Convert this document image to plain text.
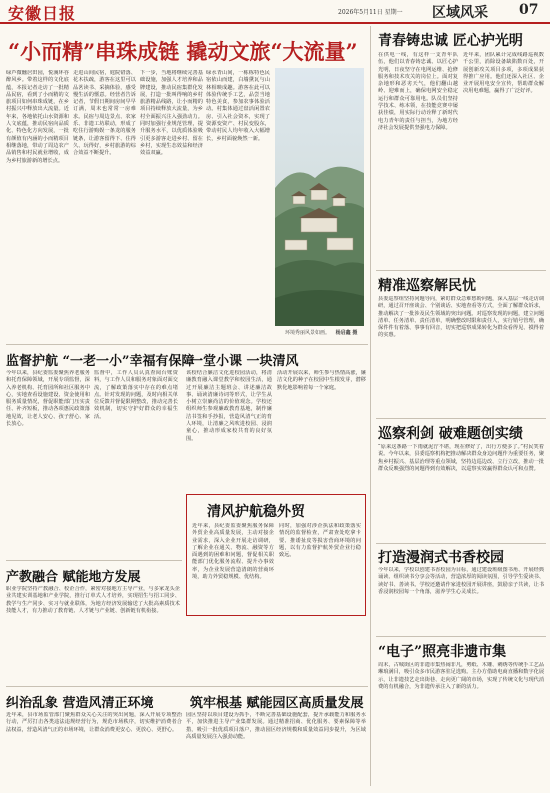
安徽日报	2026年5月11日 星期一 区域风采 07
“小而精”串珠成链 撬动文旅“大流量”
绿芦微醺居田园，悦溪环谷醉风乡。带着这样的文化底蕴，本报记者走访了一批精品民宿，看到了小而精的文旅项目如何串珠成链，在乡村振兴中释放出大流量。近年来，各地依托山水资源和人文底蕴，推动民宿向品质化、特色化方向发展，一批有颜值有内涵的小而精项目相继落地，带动了周边农产品销售和村民就业增收，成为乡村旅游新的增长点。
走进山间民宿，庭院错落、花木扶疏，游客在这里可以品茗读书、采摘体验，感受慢生活的惬意。经营者告诉记者，节假日期间房间早早订满，周末也常常一房难求。民宿与周边景点、农家乐、非遗工坊联动，形成了吃住行游购娱一条龙的服务链条，让游客留得下、住得久、玩得好，乡村旅游的综合效益不断提升。
下一步，当地将继续完善基础设施，加强人才培养和品牌建设，推动民宿集群化发展，打造一批叫得响的乡村旅游精品线路，让小而精的项目持续释放大流量，为乡村全面振兴注入强劲动力。同时加强行业规范管理，提升服务水平，以优质体验吸引更多游客走进乡村、留在乡村，实现生态效益和经济效益双赢。
绿水青山间，一栋栋特色民宿依山而建，白墙黛瓦与山林相映成趣。游客在此可以体验传统手工艺，品尝当地特色美食，参加农事体验活动。村集体通过盘活闲置农房、引入社会资本，实现了资源变资产、村民变股东，带动村民人均年收入大幅增长，乡村面貌焕然一新。
环境秀丽风景如画。 杨启鑫 摄
青春铸忠诚 匠心护光明
在供电一线，有这样一支青年队伍，他们以青春铸忠诚、以匠心护光明，日夜坚守在电网运维、抢修服务和技术攻关的岗位上。面对复杂地形和恶劣天气，他们翻山越岭、迎难而上，确保电网安全稳定运行和群众可靠用电。队员们坚持学技术、练本领，在技能竞赛中屡获佳绩，用实际行动诠释了新时代电力青年的责任与担当，为地方经济社会发展提供坚强电力保障。
近年来，团队累计完成线路巡视数千公里，消除设备缺陷数百处，开展创新攻关项目多项，多项成果获得推广应用。他们还深入社区、企业开展用电安全宣传，帮助群众解决用电难题，赢得了广泛好评。
精准巡察解民忧
县委巡察组坚持问题导向，紧盯群众急难愁盼问题，深入基层一线走访调研，通过召开座谈会、个别谈话、实地查看等方式，全面了解群众诉求，推动解决了一批涉及民生领域的突出问题。对巡察发现的问题，建立问题清单、任务清单、责任清单，明确整改时限和责任人，实行销号管理，确保件件有着落、事事有回音，切实把巡察成果转化为群众看得见、摸得着的实惠。
巡察利剑 破难题创实绩
“原来这条路一下雨就泥泞不堪，现在修好了，出行方便多了。”村民笑着说。今年以来，县委巡察机构把推动解决群众身边问题作为重要任务，聚焦乡村振兴、基层治理等重点领域，坚持边巡边改、立行立改，推动一批群众反映强烈的问题得到有效解决，以巡察实效赢得群众认可和点赞。
打造漫润式书香校园
今年以来，学校以创建书香校园为目标，通过建设班级图书角、开展经典诵读、组织读书分享会等活动，营造浓厚的阅读氛围，引导学生爱读书、读好书、善读书。学校还邀请作家进校园开展讲座，鼓励亲子共读，让书香浸润校园每一个角落，滋养学生心灵成长。
“电子”照亮非遗市集
周末，古城街区的非遗市集热闹非凡，剪纸、木雕、刺绣等传统手工艺品琳琅满目，吸引众多市民游客驻足选购。主办方借助电商直播和数字化展示，让非遗技艺走出街巷、走向更广阔的市场，实现了传统文化与现代消费的有机融合，为非遗传承注入了新的活力。
监督护航 “一老一小”幸福有保障
今年以来，县纪委监委聚焦养老服务和托育保障领域，开展专项监督，深入养老机构、托育园所和社区服务中心，实地查看设施建设、资金使用和服务质量情况，督促职能部门压实责任、补齐短板，推动各项惠民政策落地见效，让老人安心、孩子舒心、家长放心。
监督中，工作人员认真查阅台账资料，与工作人员和服务对象面对面交流，了解政策落实中存在的难点堵点。针对发现的问题，及时向相关单位反馈并督促限期整改，推动完善长效机制，切实守护好群众的幸福生活。
一堂小课 一块清风
该校结合廉洁文化进校园活动，将清廉教育融入课堂教学和校园生活，通过开展廉洁主题班会、讲述廉洁故事、诵读清廉诗词等形式，让学生从小树立崇廉尚洁的价值观念。学校还组织师生参观廉政教育基地，制作廉洁书签和手抄报，营造风清气正的育人环境，让清廉之风吹进校园、浸润童心，推动形成家校共育的良好氛围。
活动开展以来，师生参与热情高涨，廉洁文化的种子在校园中生根发芽，潜移默化地影响着每一个家庭。
清风护航稳外贸
近年来，县纪委监委聚焦服务保障外贸企业高质量发展，主动对接企业需求，深入企业开展走访调研，了解企业在通关、物流、融资等方面遇到的困难和问题，督促相关职能部门优化服务流程、提升办事效率，为企业发展营造清朗的营商环境，助力外贸稳规模、优结构。
同时，加强对涉企执法和政策落实情况的监督检查，严肃查处吃拿卡要、推诿扯皮等损害营商环境的问题，以有力监督护航外贸企业行稳致远。
产教融合 赋能地方发展
职业学院坚持产教融合、校企合作，紧密对接地方主导产业，与多家龙头企业共建实训基地和产业学院，推行订单式人才培养，实现招生与招工同步、教学与生产同步、实习与就业联体，为地方经济发展输送了大批高素质技术技能人才，有力推动了教育链、人才链与产业链、创新链有机衔接。
纠治乱象 营造风清正环境
近年来，县市场监管部门聚焦群众关心关注的突出问题，深入开展专项整治行动，严厉打击各类违法违规经营行为，规范市场秩序，切实维护消费者合法权益，营造风清气正的市场环境，让群众消费更安心、更放心、更舒心。
筑牢根基 赋能园区高质量发展
园区坚持以项目建设为抓手，不断完善基础设施配套，提升承载能力和服务水平，加快推进主导产业集群发展。通过精准招商、优化服务、要素保障等举措，吸引一批优质项目落户，推动园区经济规模和质量效益同步提升，为区域高质量发展注入强劲动能。
